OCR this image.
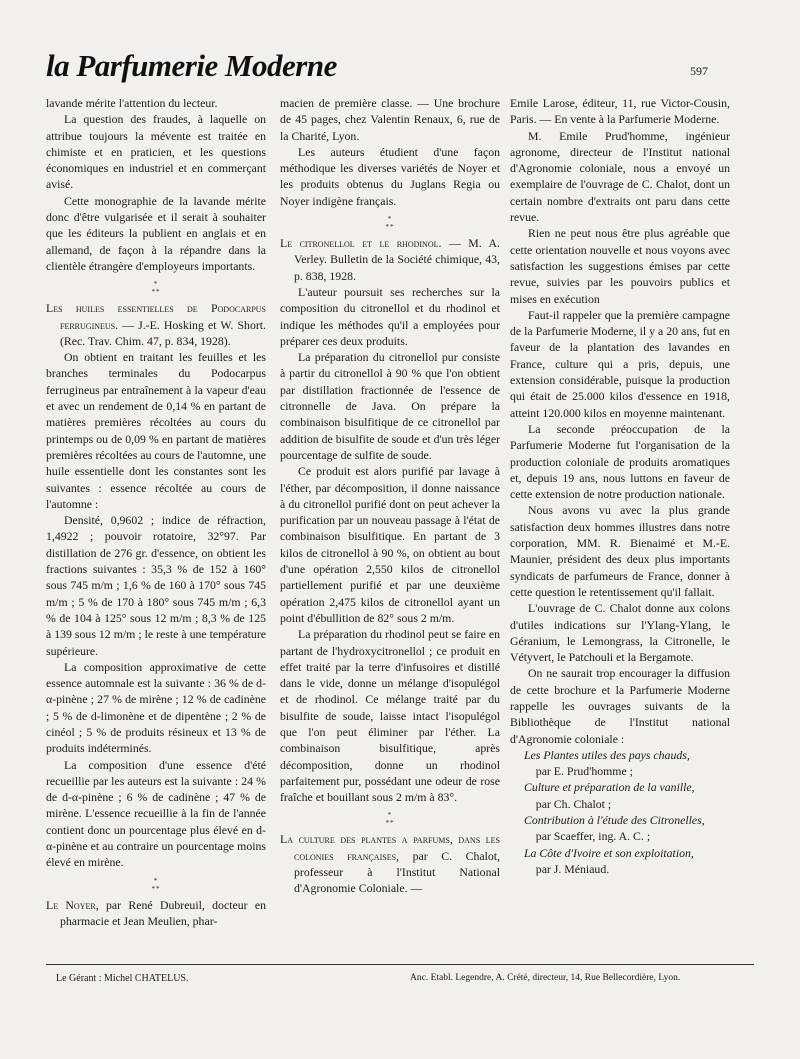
la Parfumerie Moderne	597

lavande mérite l'attention du lecteur.

La question des fraudes, à laquelle on attribue toujours la mévente est traitée en chimiste et en praticien, et les questions économiques en industriel et en commerçant avisé.

Cette monographie de la lavande mérite donc d'être vulgarisée et il serait à souhaiter que les éditeurs la publient en anglais et en allemand, de façon à la répandre dans la clientèle étrangère d'employeurs importants.

*
**

Les huiles essentielles de Podocarpus ferrugineus. — J.-E. Hosking et W. Short. (Rec. Trav. Chim. 47, p. 834, 1928).

On obtient en traitant les feuilles et les branches terminales du Podocarpus ferrugineus par entraînement à la vapeur d'eau et avec un rendement de 0,14 % en partant de matières premières récoltées au cours du printemps ou de 0,09 % en partant de matières premières récoltées au cours de l'automne, une huile essentielle dont les constantes sont les suivantes : essence récoltée au cours de l'automne :

Densité, 0,9602 ; indice de réfraction, 1,4922 ; pouvoir rotatoire, 32°97. Par distillation de 276 gr. d'essence, on obtient les fractions suivantes : 35,3 % de 152 à 160° sous 745 m/m ; 1,6 % de 160 à 170° sous 745 m/m ; 5 % de 170 à 180° sous 745 m/m ; 6,3 % de 104 à 125° sous 12 m/m ; 8,3 % de 125 à 139 sous 12 m/m ; le reste à une température supérieure.

La composition approximative de cette essence automnale est la suivante : 36 % de d-α-pinène ; 27 % de mirène ; 12 % de cadinène ; 5 % de d-limonène et de dipentène ; 2 % de cinéol ; 5 % de produits résineux et 13 % de produits indéterminés.

La composition d'une essence d'été recueillie par les auteurs est la suivante : 24 % de d-α-pinène ; 6 % de cadinène ; 47 % de mirène. L'essence recueillie à la fin de l'année contient donc un pourcentage plus élevé en d-α-pinène et au contraire un pourcentage moins élevé en mirène.

*
**

Le Noyer, par René Dubreuil, docteur en pharmacie et Jean Meulien, phar-

macien de première classe. — Une brochure de 45 pages, chez Valentin Renaux, 6, rue de la Charité, Lyon.

Les auteurs étudient d'une façon méthodique les diverses variétés de Noyer et les produits obtenus du Juglans Regia ou Noyer indigène français.

*
**

Le citronellol et le rhodinol. — M. A. Verley. Bulletin de la Société chimique, 43, p. 838, 1928.

L'auteur poursuit ses recherches sur la composition du citronellol et du rhodinol et indique les méthodes qu'il a employées pour préparer ces deux produits.

La préparation du citronellol pur consiste à partir du citronellol à 90 % que l'on obtient par distillation fractionnée de l'essence de citronnelle de Java. On prépare la combinaison bisulfitique de ce citronellol par addition de bisulfite de soude et d'un très léger pourcentage de sulfite de soude.

Ce produit est alors purifié par lavage à l'éther, par décomposition, il donne naissance à du citronellol purifié dont on peut achever la purification par un nouveau passage à l'état de combinaison bisulfitique. En partant de 3 kilos de citronellol à 90 %, on obtient au bout d'une opération 2,550 kilos de citronellol partiellement purifié et par une deuxième opération 2,475 kilos de citronellol ayant un point d'ébullition de 82° sous 2 m/m.

La préparation du rhodinol peut se faire en partant de l'hydroxycitronellol ; ce produit en effet traité par la terre d'infusoires et distillé dans le vide, donne un mélange d'isopulégol et de rhodinol. Ce mélange traité par du bisulfite de soude, laisse intact l'isopulégol que l'on peut éliminer par l'éther. La combinaison bisulfitique, après décomposition, donne un rhodinol parfaitement pur, possédant une odeur de rose fraîche et bouillant sous 2 m/m à 83°.

*
**

La culture des plantes a parfums, dans les colonies françaises, par C. Chalot, professeur à l'Institut National d'Agronomie Coloniale. —

Emile Larose, éditeur, 11, rue Victor-Cousin, Paris. — En vente à la Parfumerie Moderne.

M. Emile Prud'homme, ingénieur agronome, directeur de l'Institut national d'Agronomie coloniale, nous a envoyé un exemplaire de l'ouvrage de C. Chalot, dont un certain nombre d'extraits ont paru dans cette revue.

Rien ne peut nous être plus agréable que cette orientation nouvelle et nous voyons avec satisfaction les suggestions émises par cette revue, suivies par les pouvoirs publics et mises en exécution

Faut-il rappeler que la première campagne de la Parfumerie Moderne, il y a 20 ans, fut en faveur de la plantation des lavandes en France, culture qui a pris, depuis, une extension considérable, puisque la production qui était de 25.000 kilos d'essence en 1918, atteint 120.000 kilos en moyenne maintenant.

La seconde préoccupation de la Parfumerie Moderne fut l'organisation de la production coloniale de produits aromatiques et, depuis 19 ans, nous luttons en faveur de cette extension de notre production nationale.

Nous avons vu avec la plus grande satisfaction deux hommes illustres dans notre corporation, MM. R. Bienaimé et M.-E. Maunier, président des deux plus importants syndicats de parfumeurs de France, donner à cette question le retentissement qu'il fallait.

L'ouvrage de C. Chalot donne aux colons d'utiles indications sur l'Ylang-Ylang, le Géranium, le Lemongrass, la Citronelle, le Vétyvert, le Patchouli et la Bergamote.

On ne saurait trop encourager la diffusion de cette brochure et la Parfumerie Moderne rappelle les ouvrages suivants de la Bibliothèque de l'Institut national d'Agronomie coloniale :

Les Plantes utiles des pays chauds,
par E. Prud'homme ;

Culture et préparation de la vanille,
par Ch. Chalot ;

Contribution à l'étude des Citronelles,
par Scaeffer, ing. A. C. ;

La Côte d'Ivoire et son exploitation,
par J. Méniaud.

Le Gérant : Michel CHATELUS.	Anc. Etabl. Legendre, A. Crété, directeur, 14, Rue Bellecordière, Lyon.
